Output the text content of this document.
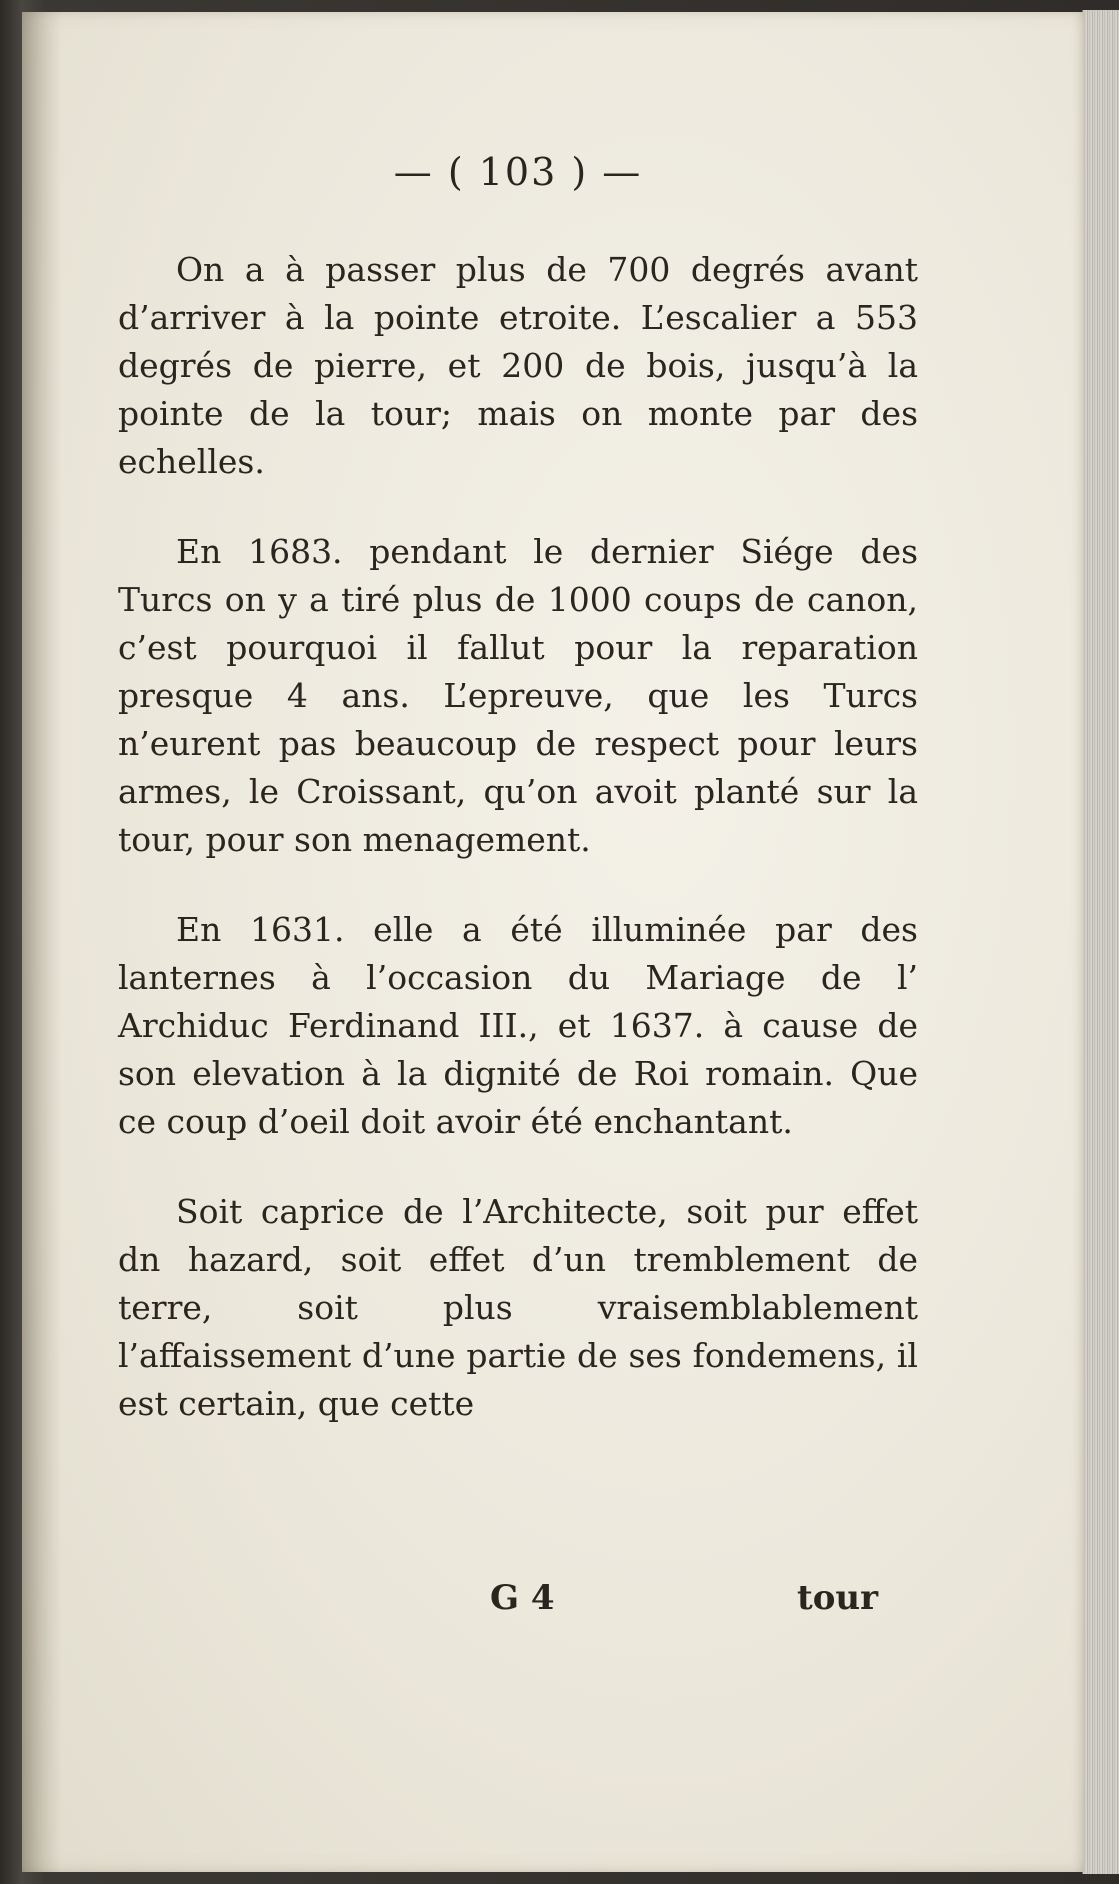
— ( 103 ) —

On a à passer plus de 700 degrés avant d’arriver à la pointe etroite. L’escalier a 553 degrés de pierre, et 200 de bois, jusqu’à la pointe de la tour; mais on monte par des echelles.

En 1683. pendant le dernier Siége des Turcs on y a tiré plus de 1000 coups de canon, c’est pourquoi il fallut pour la reparation presque 4 ans. L’epreuve, que les Turcs n’eurent pas beaucoup de respect pour leurs armes, le Croissant, qu’on avoit planté sur la tour, pour son menagement.

En 1631. elle a été illuminée par des lanternes à l’occasion du Mariage de l’ Archiduc Ferdinand III., et 1637. à cause de son elevation à la dignité de Roi romain. Que ce coup d’oeil doit avoir été enchantant.

Soit caprice de l’Architecte, soit pur effet dn hazard, soit effet d’un tremblement de terre, soit plus vraisemblablement l’affaissement d’une partie de ses fondemens, il est certain, que cette

G 4	tour
